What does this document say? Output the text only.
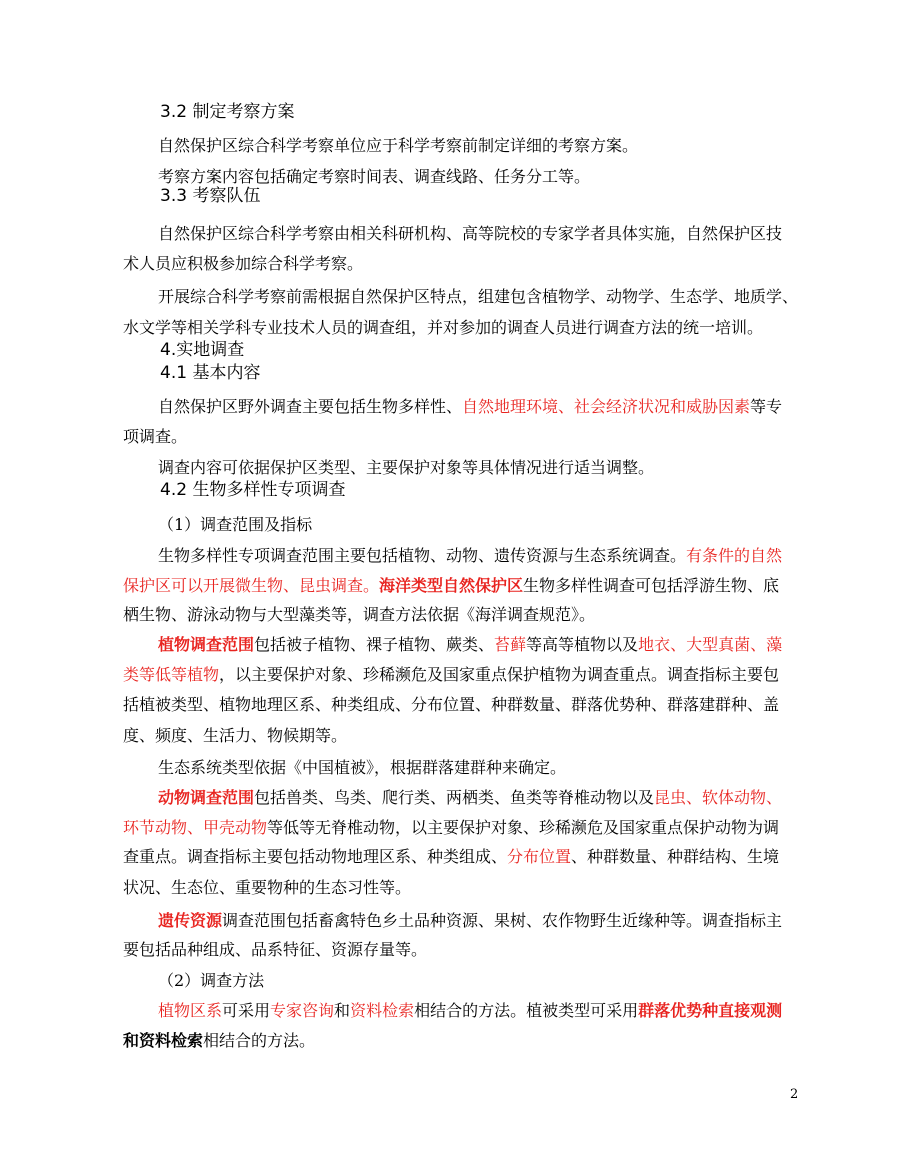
3.2 制定考察方案
自然保护区综合科学考察单位应于科学考察前制定详细的考察方案。
考察方案内容包括确定考察时间表、调查线路、任务分工等。
3.3 考察队伍
自然保护区综合科学考察由相关科研机构、高等院校的专家学者具体实施，自然保护区技
术人员应积极参加综合科学考察。
开展综合科学考察前需根据自然保护区特点，组建包含植物学、动物学、生态学、地质学、
水文学等相关学科专业技术人员的调查组，并对参加的调查人员进行调查方法的统一培训。
4.实地调查
4.1 基本内容
自然保护区野外调查主要包括生物多样性、自然地理环境、社会经济状况和威胁因素等专
项调查。
调查内容可依据保护区类型、主要保护对象等具体情况进行适当调整。
4.2 生物多样性专项调查
（1）调查范围及指标
生物多样性专项调查范围主要包括植物、动物、遗传资源与生态系统调查。有条件的自然
保护区可以开展微生物、昆虫调查。海洋类型自然保护区生物多样性调查可包括浮游生物、底
栖生物、游泳动物与大型藻类等，调查方法依据《海洋调查规范》。
植物调查范围包括被子植物、裸子植物、蕨类、苔藓等高等植物以及地衣、大型真菌、藻
类等低等植物，以主要保护对象、珍稀濒危及国家重点保护植物为调查重点。调查指标主要包
括植被类型、植物地理区系、种类组成、分布位置、种群数量、群落优势种、群落建群种、盖
度、频度、生活力、物候期等。
生态系统类型依据《中国植被》，根据群落建群种来确定。
动物调查范围包括兽类、鸟类、爬行类、两栖类、鱼类等脊椎动物以及昆虫、软体动物、
环节动物、甲壳动物等低等无脊椎动物，以主要保护对象、珍稀濒危及国家重点保护动物为调
查重点。调查指标主要包括动物地理区系、种类组成、分布位置、种群数量、种群结构、生境
状况、生态位、重要物种的生态习性等。
遗传资源调查范围包括畜禽特色乡土品种资源、果树、农作物野生近缘种等。调查指标主
要包括品种组成、品系特征、资源存量等。
（2）调查方法
植物区系可采用专家咨询和资料检索相结合的方法。植被类型可采用群落优势种直接观测
和资料检索相结合的方法。
2
